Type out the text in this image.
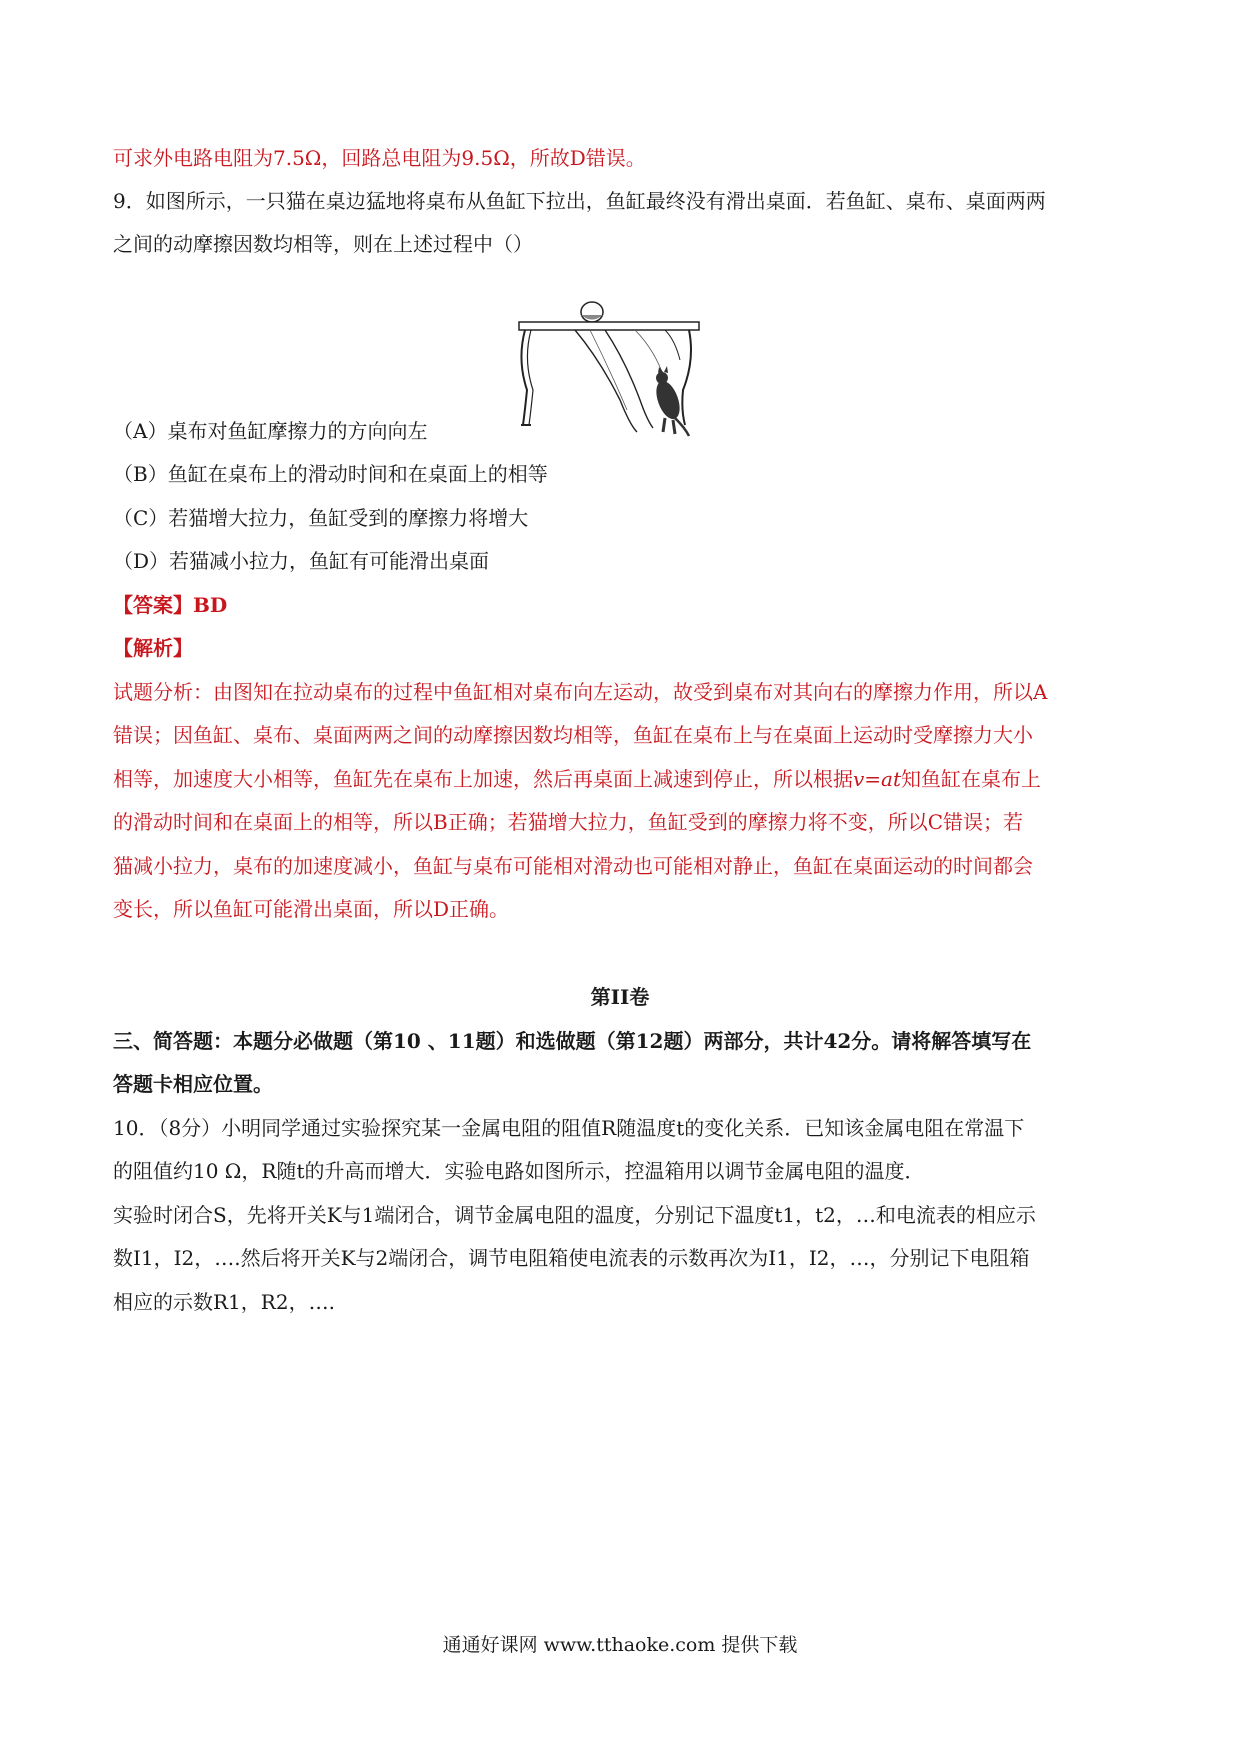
可求外电路电阻为7.5Ω，回路总电阻为9.5Ω，所故D错误。
9．如图所示，一只猫在桌边猛地将桌布从鱼缸下拉出，鱼缸最终没有滑出桌面．若鱼缸、桌布、桌面两两
之间的动摩擦因数均相等，则在上述过程中（）
（A）桌布对鱼缸摩擦力的方向向左
（B）鱼缸在桌布上的滑动时间和在桌面上的相等
（C）若猫增大拉力，鱼缸受到的摩擦力将增大
（D）若猫减小拉力，鱼缸有可能滑出桌面
【答案】BD
【解析】
试题分析：由图知在拉动桌布的过程中鱼缸相对桌布向左运动，故受到桌布对其向右的摩擦力作用，所以A
错误；因鱼缸、桌布、桌面两两之间的动摩擦因数均相等，鱼缸在桌布上与在桌面上运动时受摩擦力大小
相等，加速度大小相等，鱼缸先在桌布上加速，然后再桌面上减速到停止，所以根据v=at知鱼缸在桌布上
的滑动时间和在桌面上的相等，所以B正确；若猫增大拉力，鱼缸受到的摩擦力将不变，所以C错误；若
猫减小拉力，桌布的加速度减小，鱼缸与桌布可能相对滑动也可能相对静止，鱼缸在桌面运动的时间都会
变长，所以鱼缸可能滑出桌面，所以D正确。
第II卷
三、简答题：本题分必做题（第10 、11题）和选做题（第12题）两部分，共计42分。请将解答填写在
答题卡相应位置。
10．（8分）小明同学通过实验探究某一金属电阻的阻值R随温度t的变化关系．已知该金属电阻在常温下
的阻值约10 Ω，R随t的升高而增大．实验电路如图所示，控温箱用以调节金属电阻的温度．
实验时闭合S，先将开关K与1端闭合，调节金属电阻的温度，分别记下温度t1，t2，…和电流表的相应示
数I1，I2，….然后将开关K与2端闭合，调节电阻箱使电流表的示数再次为I1，I2，…，分别记下电阻箱
相应的示数R1，R2，….
通通好课网 www.tthaoke.com 提供下载
